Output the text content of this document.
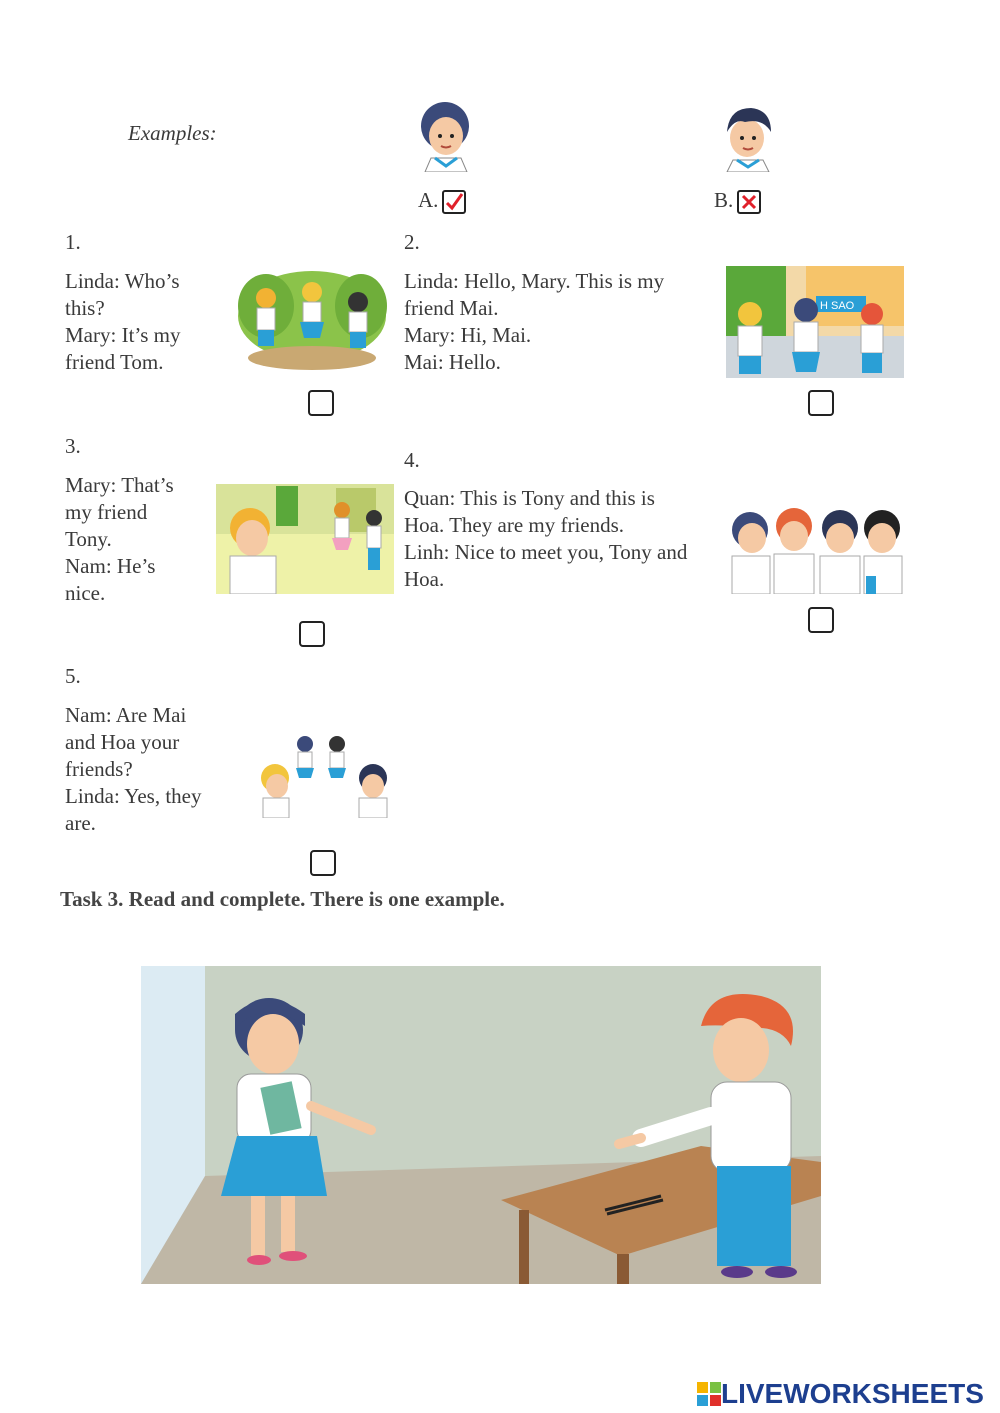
Examples:
A.	B.
1.
Linda: Who’s
this?
Mary: It’s my
friend Tom.
2.
Linda: Hello, Mary. This is my
friend Mai.
Mary: Hi, Mai.
Mai: Hello.
H SAO
3.
Mary: That’s
my friend
Tony.
Nam: He’s
nice.
4.
Quan: This is Tony and this is
Hoa. They are my friends.
Linh: Nice to meet you, Tony and
Hoa.
5.
Nam: Are Mai
and Hoa your
friends?
Linda: Yes, they
are.
Task 3. Read and complete. There is one example.
LIVEWORKSHEETS
